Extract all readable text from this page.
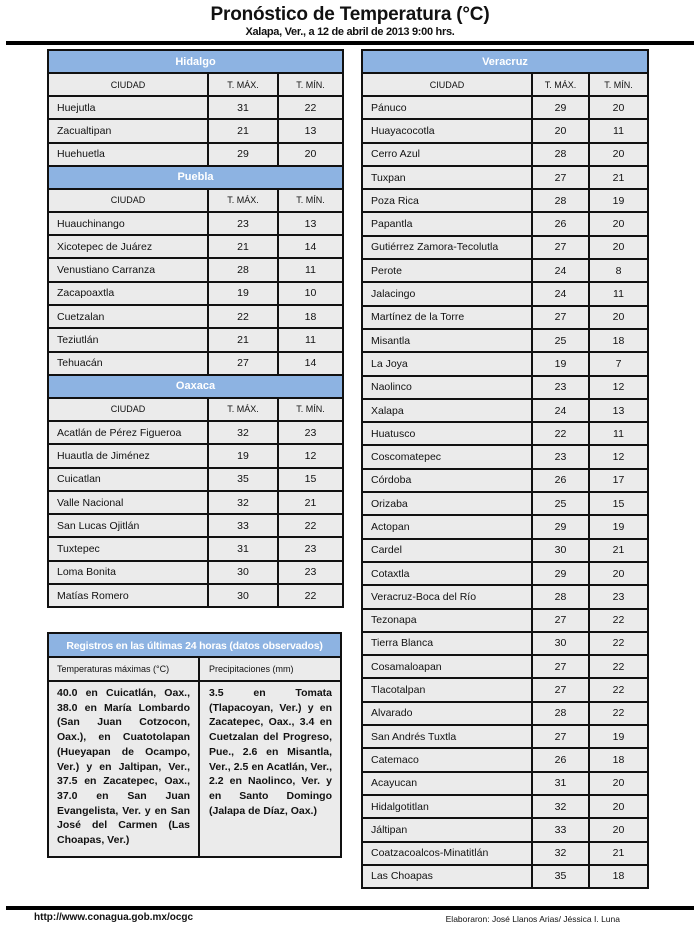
Pronóstico de Temperatura (°C)
Xalapa, Ver., a 12 de abril de 2013 9:00 hrs.
Hidalgo		
CIUDAD	T. MÁX.	T. MÍN.
Huejutla	31	22
Zacualtipan	21	13
Huehuetla	29	20
Puebla		
CIUDAD	T. MÁX.	T. MÍN.
Huauchinango	23	13
Xicotepec de Juárez	21	14
Venustiano Carranza	28	11
Zacapoaxtla	19	10
Cuetzalan	22	18
Teziutlán	21	11
Tehuacán	27	14
Oaxaca		
CIUDAD	T. MÁX.	T. MÍN.
Acatlán de Pérez Figueroa	32	23
Huautla de Jiménez	19	12
Cuicatlan	35	15
Valle Nacional	32	21
San Lucas Ojitlán	33	22
Tuxtepec	31	23
Loma Bonita	30	23
Matías Romero	30	22
Veracruz		
CIUDAD	T. MÁX.	T. MÍN.
Pánuco	29	20
Huayacocotla	20	11
Cerro Azul	28	20
Tuxpan	27	21
Poza Rica	28	19
Papantla	26	20
Gutiérrez Zamora-Tecolutla	27	20
Perote	24	8
Jalacingo	24	11
Martínez de la Torre	27	20
Misantla	25	18
La Joya	19	7
Naolinco	23	12
Xalapa	24	13
Huatusco	22	11
Coscomatepec	23	12
Córdoba	26	17
Orizaba	25	15
Actopan	29	19
Cardel	30	21
Cotaxtla	29	20
Veracruz-Boca del Río	28	23
Tezonapa	27	22
Tierra Blanca	30	22
Cosamaloapan	27	22
Tlacotalpan	27	22
Alvarado	28	22
San Andrés Tuxtla	27	19
Catemaco	26	18
Acayucan	31	20
Hidalgotitlan	32	20
Jáltipan	33	20
Coatzacoalcos-Minatitlán	32	21
Las Choapas	35	18
Registros en las últimas 24 horas (datos observados)
Temperaturas máximas (°C)	Precipitaciones (mm)
40.0 en Cuicatlán, Oax., 38.0 en María Lombardo (San Juan Cotzocon, Oax.), en Cuatotolapan (Hueyapan de Ocampo, Ver.) y en Jaltipan, Ver., 37.5 en Zacatepec, Oax., 37.0 en San Juan Evangelista, Ver. y en San José del Carmen (Las Choapas, Ver.)
3.5 en Tomata (Tlapacoyan, Ver.) y en Zacatepec, Oax., 3.4 en Cuetzalan del Progreso, Pue., 2.6 en Misantla, Ver., 2.5 en Acatlán, Ver., 2.2 en Naolinco, Ver. y en Santo Domingo (Jalapa de Díaz, Oax.)
http://www.conagua.gob.mx/ocgc	Elaboraron: José Llanos Arias/ Jéssica I. Luna
